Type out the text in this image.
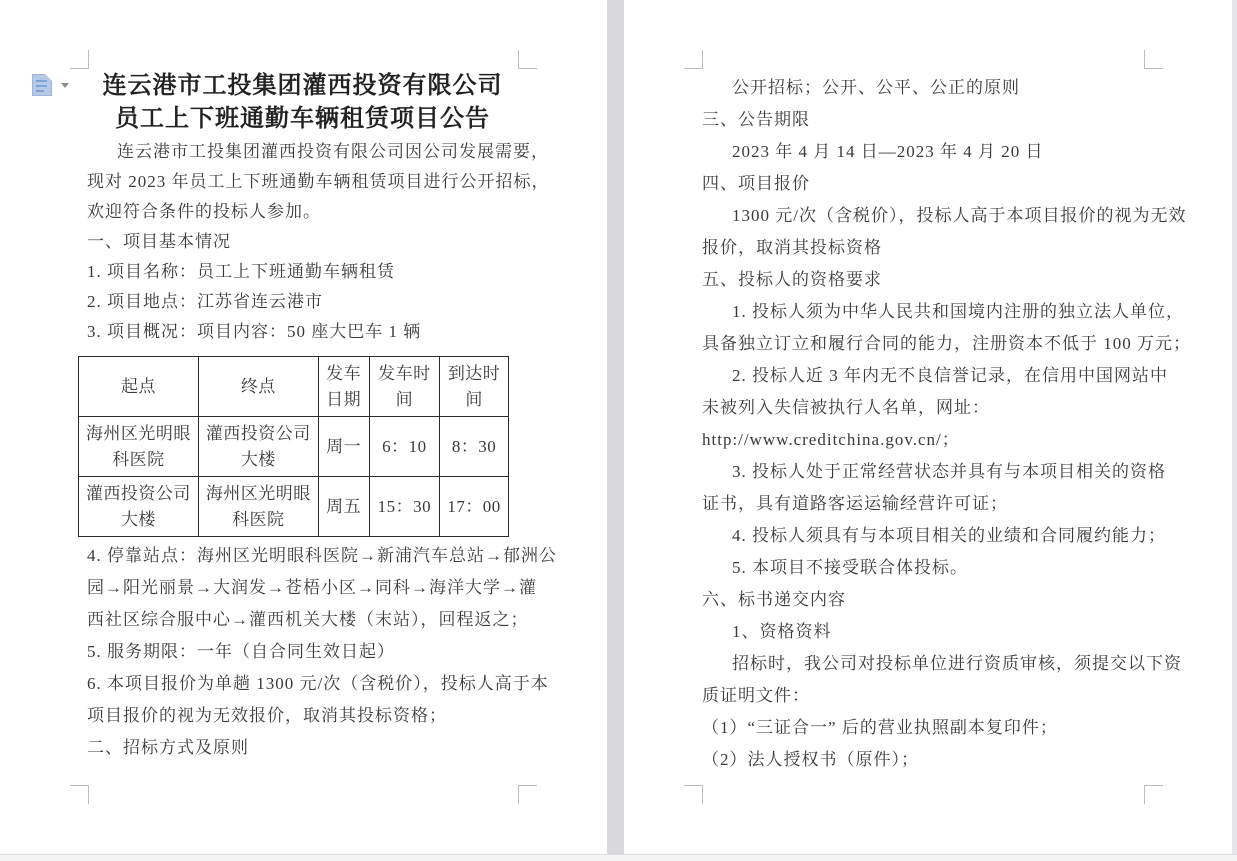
连云港市工投集团灌西投资有限公司
员工上下班通勤车辆租赁项目公告
连云港市工投集团灌西投资有限公司因公司发展需要，
现对 2023 年员工上下班通勤车辆租赁项目进行公开招标，
欢迎符合条件的投标人参加。
一、项目基本情况
1. 项目名称：员工上下班通勤车辆租赁
2. 项目地点：江苏省连云港市
3. 项目概况：项目内容：50 座大巴车 1 辆
起点	终点	发车日期	发车时间	到达时间
海州区光明眼科医院	灌西投资公司大楼	周一	6：10	8：30
灌西投资公司大楼	海州区光明眼科医院	周五	15：30	17：00
4. 停靠站点：海州区光明眼科医院→新浦汽车总站→郁洲公
园→阳光丽景→大润发→苍梧小区→同科→海洋大学→灌
西社区综合服中心→灌西机关大楼（末站），回程返之；
5. 服务期限：一年（自合同生效日起）
6. 本项目报价为单趟 1300 元/次（含税价），投标人高于本
项目报价的视为无效报价，取消其投标资格；
二、招标方式及原则
公开招标；公开、公平、公正的原则
三、公告期限
2023 年 4 月 14 日—2023 年 4 月 20 日
四、项目报价
1300 元/次（含税价），投标人高于本项目报价的视为无效
报价，取消其投标资格
五、投标人的资格要求
1. 投标人须为中华人民共和国境内注册的独立法人单位，
具备独立订立和履行合同的能力，注册资本不低于 100 万元；
2. 投标人近 3 年内无不良信誉记录，在信用中国网站中
未被列入失信被执行人名单，网址：
http://www.creditchina.gov.cn/；
3. 投标人处于正常经营状态并具有与本项目相关的资格
证书，具有道路客运运输经营许可证；
4. 投标人须具有与本项目相关的业绩和合同履约能力；
5. 本项目不接受联合体投标。
六、标书递交内容
1、资格资料
招标时，我公司对投标单位进行资质审核，须提交以下资
质证明文件：
（1）“三证合一” 后的营业执照副本复印件；
（2）法人授权书（原件）；
